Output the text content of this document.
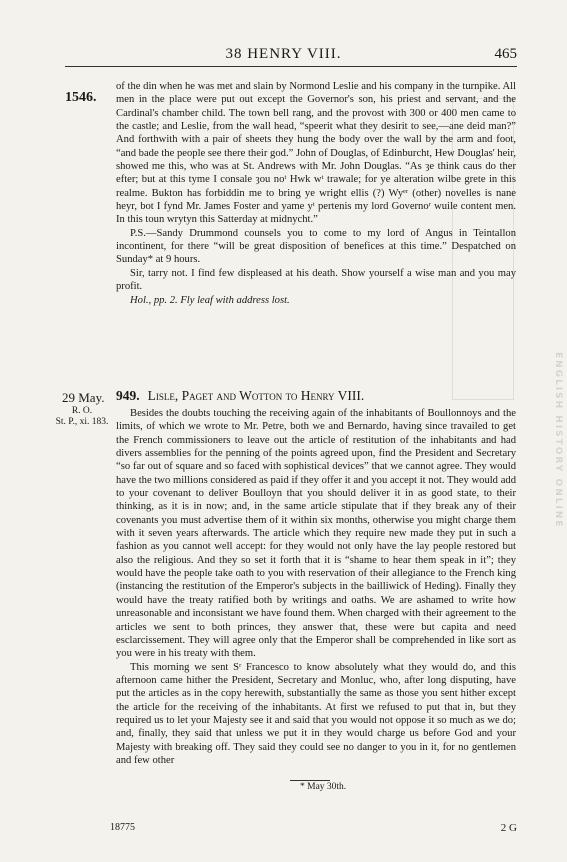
38 HENRY VIII.	465
1546.
ENGLISH HISTORY ONLINE

of the din when he was met and slain by Normond Leslie and his company in the turnpike. All men in the place were put out except the Governor's son, his priest and servant, and the Cardinal's chamber child. The town bell rang, and the provost with 300 or 400 men came to the castle; and Leslie, from the wall head, “speerit what they desirit to see,—ane deid man?” And forthwith with a pair of sheets they hung the body over the wall by the arm and foot, “and bade the people see there their god.” John of Douglas, of Edinburcht, Hew Douglas' heir, showed me this, who was at St. Andrews with Mr. John Douglas. “As ȝe think caus do ther efter; but at this tyme I consale ȝou noᵗ Hwk wᵗ trawale; for ye alteration wilbe grete in this realme. Bukton has forbiddin me to bring ye wright ellis (?) Wyᵉʳ (other) novelles is nane heyr, bot I fynd Mr. James Foster and yame yᵗ pertenis my lord Governoʳ wuile content men. In this toun wrytyn this Satterday at midnycht.”

P.S.—Sandy Drummond counsels you to come to my lord of Angus in Teintallon incontinent, for there “will be great disposition of benefices at this time.” Despatched on Sunday* at 9 hours.

Sir, tarry not. I find few displeased at his death. Show yourself a wise man and you may profit.

Hol., pp. 2. Fly leaf with address lost.

29 May.
R. O.
St. P., xi. 183.
949. Lisle, Paget and Wotton to Henry VIII.

Besides the doubts touching the receiving again of the inhabitants of Boullonnoys and the limits, of which we wrote to Mr. Petre, both we and Bernardo, having since travailed to get the French commissioners to leave out the article of restitution of the inhabitants and had divers assemblies for the penning of the points agreed upon, find the President and Secretary “so far out of square and so faced with sophistical devices” that we cannot agree. They would have the two millions considered as paid if they offer it and you accept it not. They would add to your covenant to deliver Boulloyn that you should deliver it in as good state, to their thinking, as it is in now; and, in the same article stipulate that if they break any of their covenants you must advertise them of it within six months, otherwise you might charge them with it seven years afterwards. The article which they require new made they put in such a fashion as you cannot well accept: for they would not only have the lay people restored but also the religious. And they so set it forth that it is “shame to hear them speak in it”; they would have the people take oath to you with reservation of their allegiance to the French king (instancing the restitution of the Emperor's subjects in the bailliwick of Heding). Finally they would have the treaty ratified both by writings and oaths. We are ashamed to write how unreasonable and inconsistant we have found them. When charged with their agreement to the articles we sent to both princes, they answer that, these were but capita and need esclarcissement. They will agree only that the Emperor shall be comprehended in like sort as you were in his treaty with them.

This morning we sent Sʳ Francesco to know absolutely what they would do, and this afternoon came hither the President, Secretary and Monluc, who, after long disputing, have put the articles as in the copy herewith, substantially the same as those you sent hither except the article for the receiving of the inhabitants. At first we refused to put that in, but they required us to let your Majesty see it and said that you would not oppose it so much as we do; and, finally, they said that unless we put it in they would charge us before God and your Majesty with breaking off. They said they could see no danger to you in it, for no gentlemen and few other

* May 30th.
18775	2 G
